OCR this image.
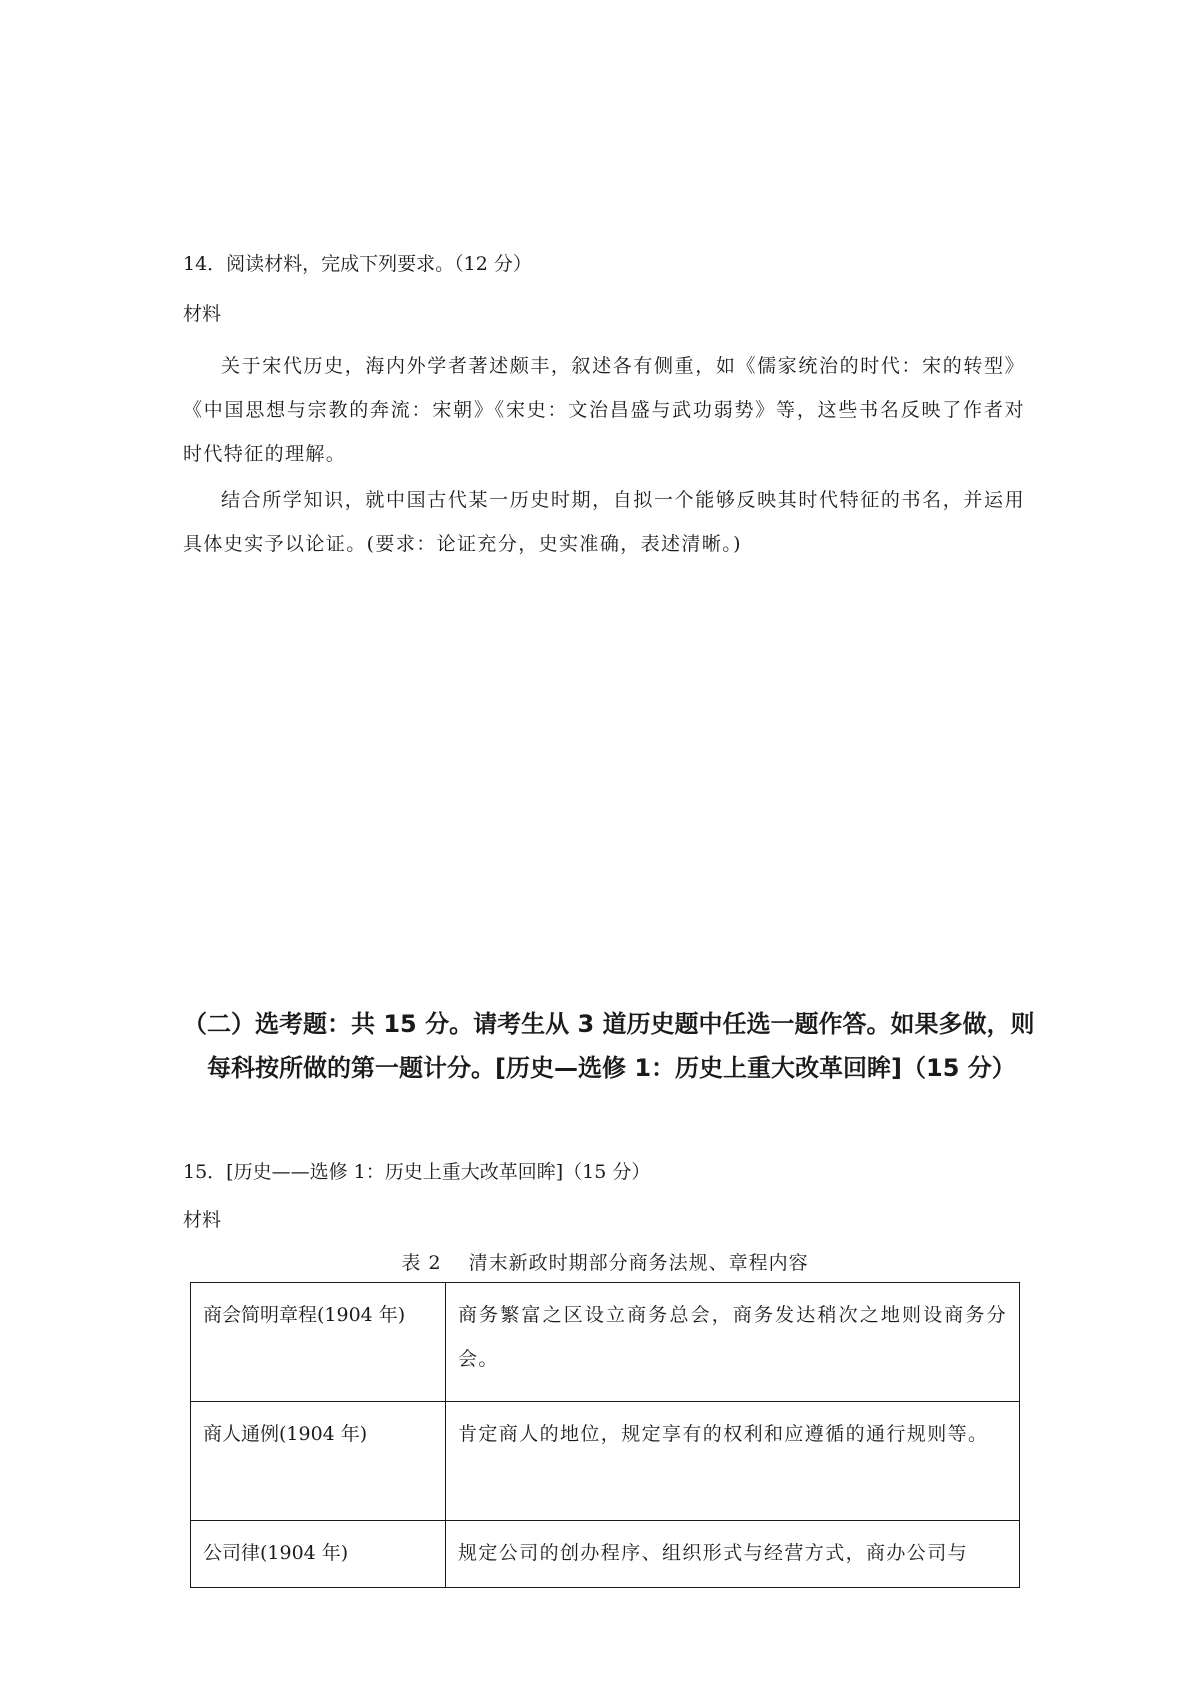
14．阅读材料，完成下列要求。（12 分）
材料

关于宋代历史，海内外学者著述颇丰，叙述各有侧重，如《儒家统治的时代：宋的转型》《中国思想与宗教的奔流：宋朝》《宋史：文治昌盛与武功弱势》等，这些书名反映了作者对时代特征的理解。

结合所学知识，就中国古代某一历史时期，自拟一个能够反映其时代特征的书名，并运用具体史实予以论证。(要求：论证充分，史实准确，表述清晰。)

（二）选考题：共 15 分。请考生从 3 道历史题中任选一题作答。如果多做，则每科按所做的第一题计分。[历史—选修 1：历史上重大改革回眸]（15 分）

15．[历史——选修 1：历史上重大改革回眸]（15 分）
材料
表 2　 清末新政时期部分商务法规、章程内容
商会简明章程(1904 年)	商务繁富之区设立商务总会，商务发达稍次之地则设商务分会。
商人通例(1904 年)	肯定商人的地位，规定享有的权利和应遵循的通行规则等。
公司律(1904 年)	规定公司的创办程序、组织形式与经营方式，商办公司与
